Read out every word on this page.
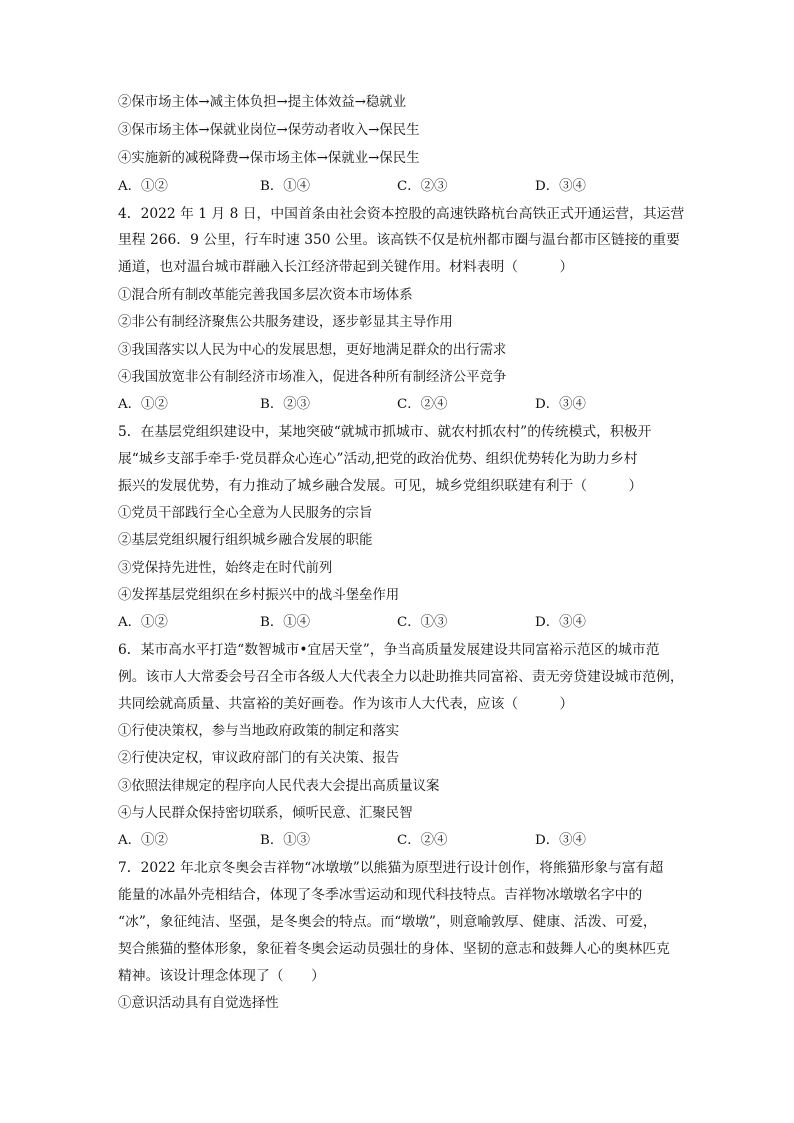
②保市场主体→减主体负担→提主体效益→稳就业
③保市场主体→保就业岗位→保劳动者收入→保民生
④实施新的减税降费→保市场主体→保就业→保民生
A．①②	B．①④	C．②③	D．③④
4．2022 年 1 月 8 日，中国首条由社会资本控股的高速铁路杭台高铁正式开通运营，其运营
里程 266．9 公里，行车时速 350 公里。该高铁不仅是杭州都市圈与温台都市区链接的重要
通道，也对温台城市群融入长江经济带起到关键作用。材料表明（　　　）
①混合所有制改革能完善我国多层次资本市场体系
②非公有制经济聚焦公共服务建设，逐步彰显其主导作用
③我国落实以人民为中心的发展思想，更好地满足群众的出行需求
④我国放宽非公有制经济市场准入，促进各种所有制经济公平竞争
A．①②	B．②③	C．②④	D．③④
5．在基层党组织建设中，某地突破“就城市抓城市、就农村抓农村”的传统模式，积极开
展“城乡支部手牵手·党员群众心连心”活动,把党的政治优势、组织优势转化为助力乡村
振兴的发展优势，有力推动了城乡融合发展。可见，城乡党组织联建有利于（　　　）
①党员干部践行全心全意为人民服务的宗旨
②基层党组织履行组织城乡融合发展的职能
③党保持先进性，始终走在时代前列
④发挥基层党组织在乡村振兴中的战斗堡垒作用
A．①②	B．①④	C．①③	D．③④
6．某市高水平打造“数智城市•宜居天堂”，争当高质量发展建设共同富裕示范区的城市范
例。该市人大常委会号召全市各级人大代表全力以赴助推共同富裕、责无旁贷建设城市范例，
共同绘就高质量、共富裕的美好画卷。作为该市人大代表，应该（　　　）
①行使决策权，参与当地政府政策的制定和落实
②行使决定权，审议政府部门的有关决策、报告
③依照法律规定的程序向人民代表大会提出高质量议案
④与人民群众保持密切联系，倾听民意、汇聚民智
A．①②	B．①③	C．②④	D．③④
7．2022 年北京冬奥会吉祥物“冰墩墩”以熊猫为原型进行设计创作，将熊猫形象与富有超
能量的冰晶外壳相结合，体现了冬季冰雪运动和现代科技特点。吉祥物冰墩墩名字中的
“冰”，象征纯洁、坚强，是冬奥会的特点。而“墩墩”，则意喻敦厚、健康、活泼、可爱，
契合熊猫的整体形象，象征着冬奥会运动员强壮的身体、坚韧的意志和鼓舞人心的奥林匹克
精神。该设计理念体现了（　　）
①意识活动具有自觉选择性
